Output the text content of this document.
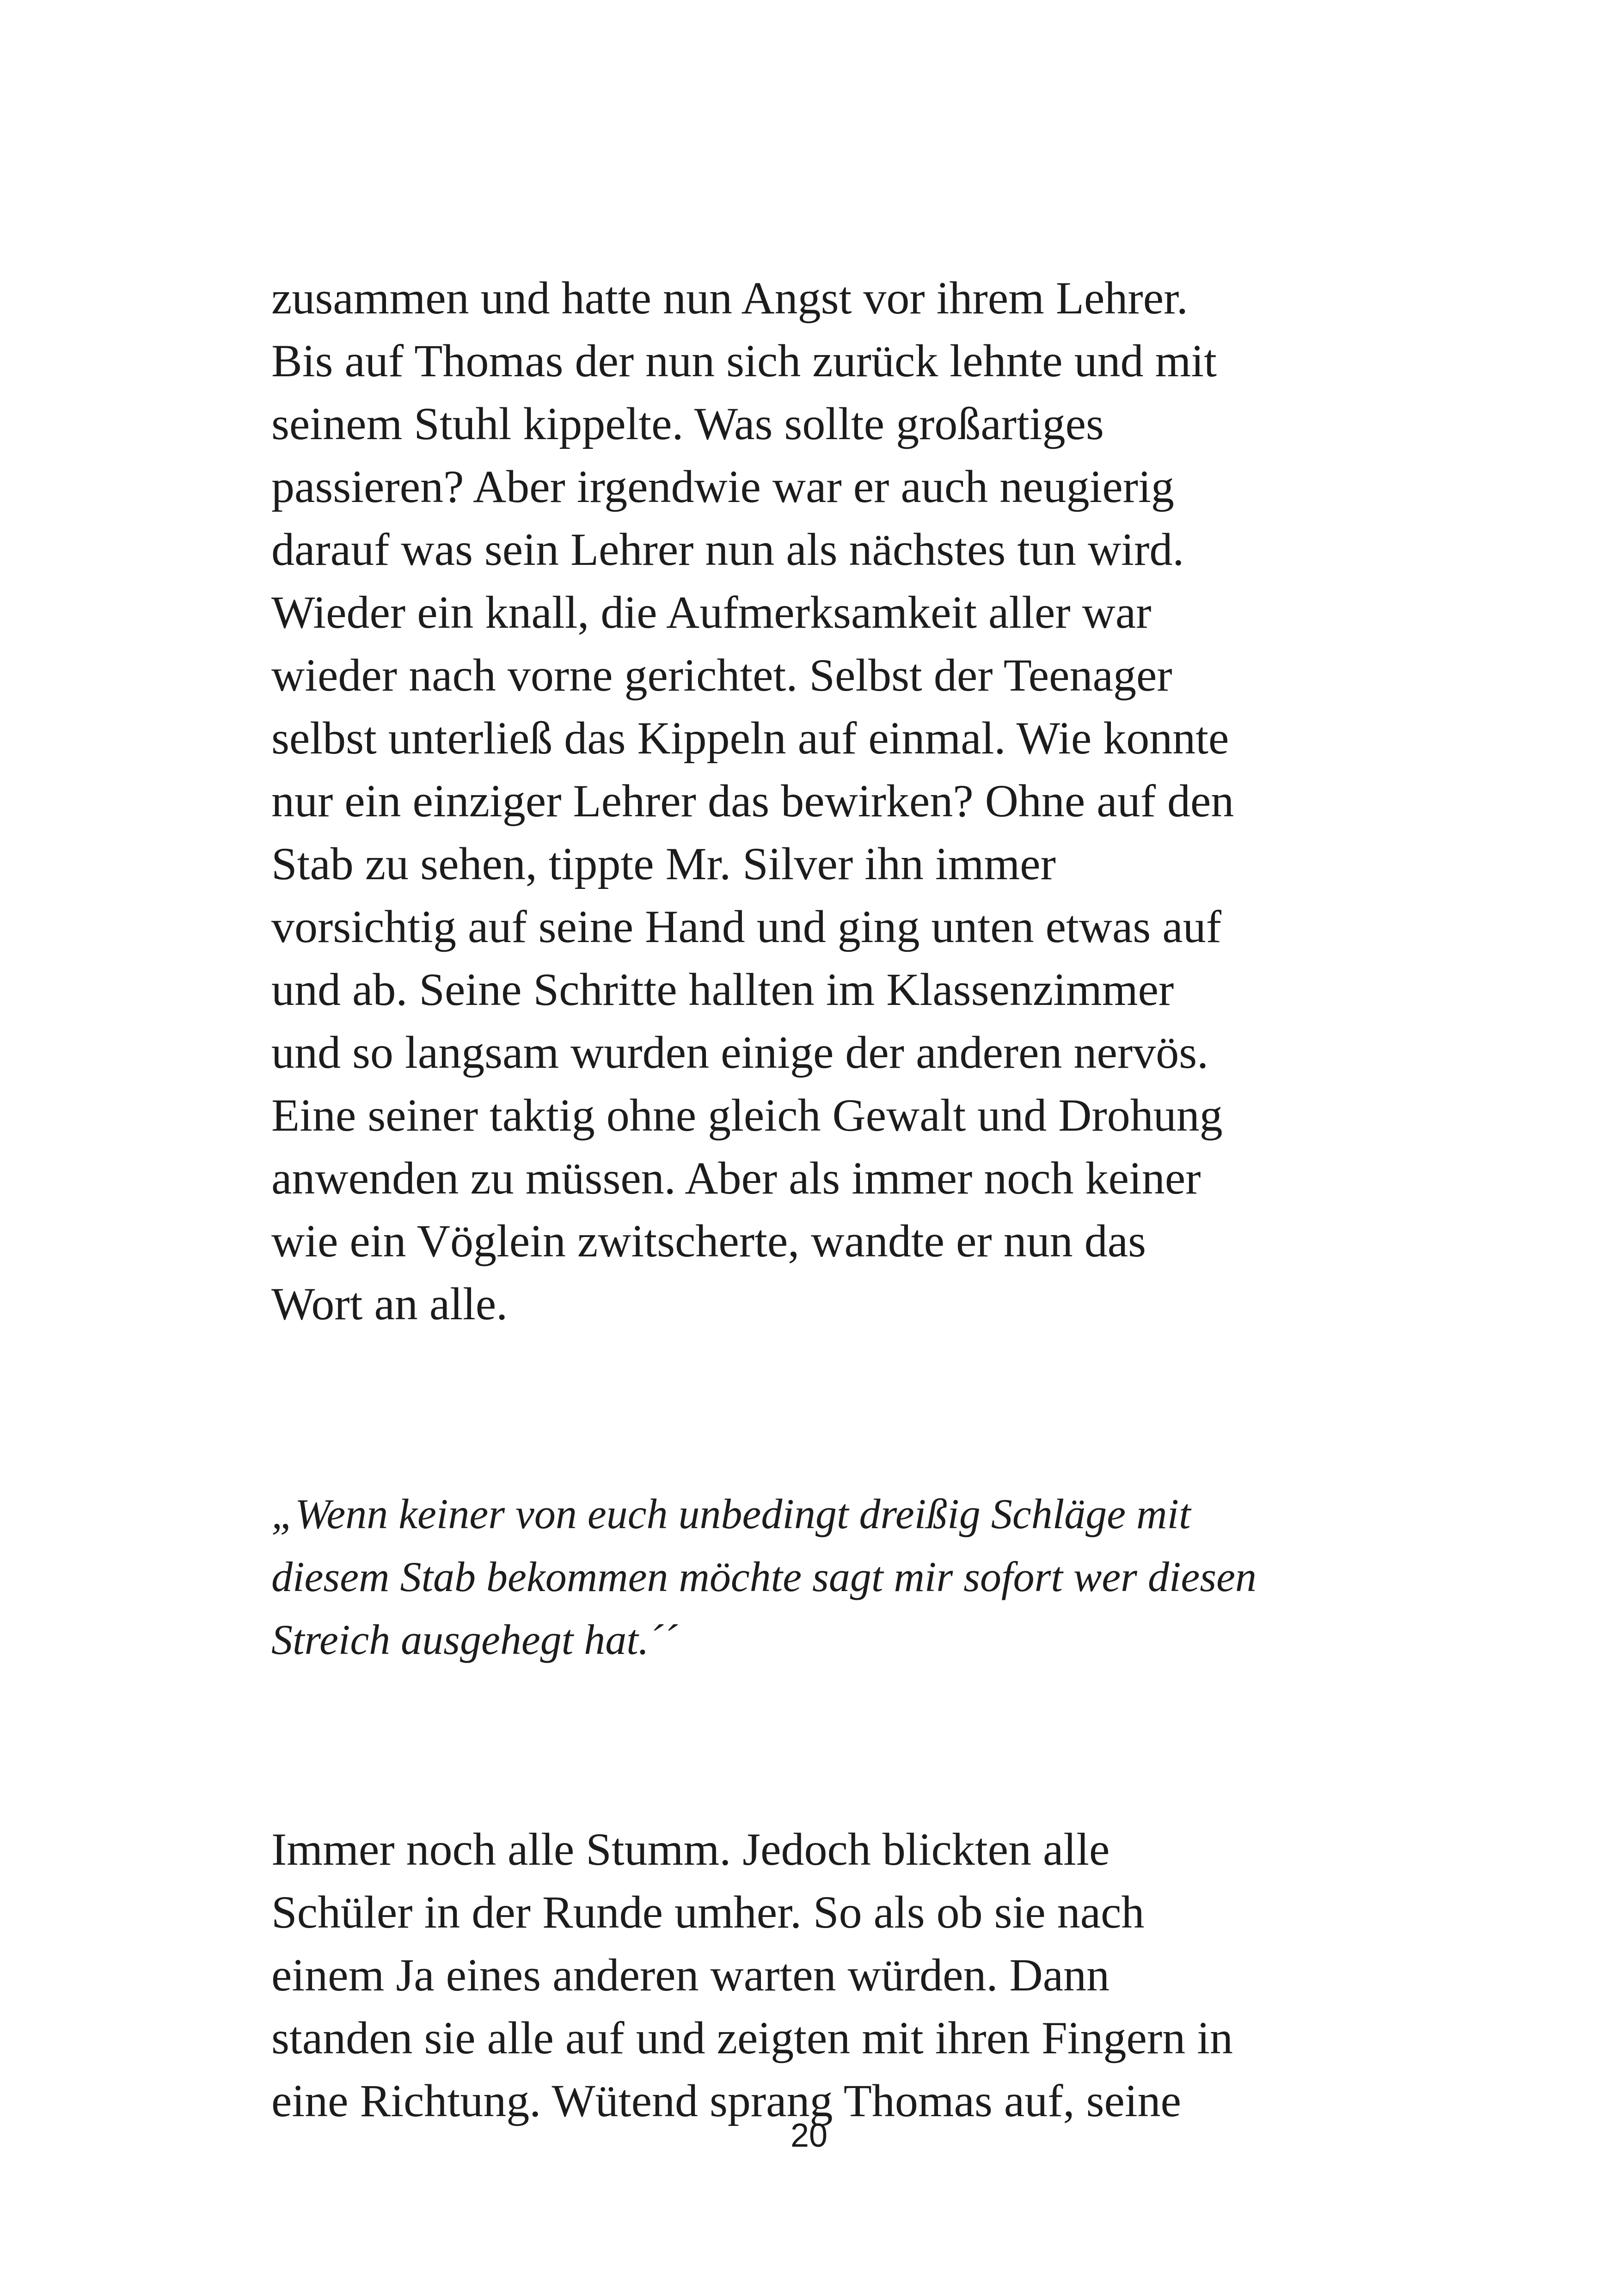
zusammen und hatte nun Angst vor ihrem Lehrer.
Bis auf Thomas der nun sich zurück lehnte und mit
seinem Stuhl kippelte. Was sollte großartiges
passieren? Aber irgendwie war er auch neugierig
darauf was sein Lehrer nun als nächstes tun wird.
Wieder ein knall, die Aufmerksamkeit aller war
wieder nach vorne gerichtet. Selbst der Teenager
selbst unterließ das Kippeln auf einmal. Wie konnte
nur ein einziger Lehrer das bewirken? Ohne auf den
Stab zu sehen, tippte Mr. Silver ihn immer
vorsichtig auf seine Hand und ging unten etwas auf
und ab. Seine Schritte hallten im Klassenzimmer
und so langsam wurden einige der anderen nervös.
Eine seiner taktig ohne gleich Gewalt und Drohung
anwenden zu müssen. Aber als immer noch keiner
wie ein Vöglein zwitscherte, wandte er nun das
Wort an alle.

„Wenn keiner von euch unbedingt dreißig Schläge mit
diesem Stab bekommen möchte sagt mir sofort wer diesen
Streich ausgehegt hat.´´

Immer noch alle Stumm. Jedoch blickten alle
Schüler in der Runde umher. So als ob sie nach
einem Ja eines anderen warten würden. Dann
standen sie alle auf und zeigten mit ihren Fingern in
eine Richtung. Wütend sprang Thomas auf, seine

20
